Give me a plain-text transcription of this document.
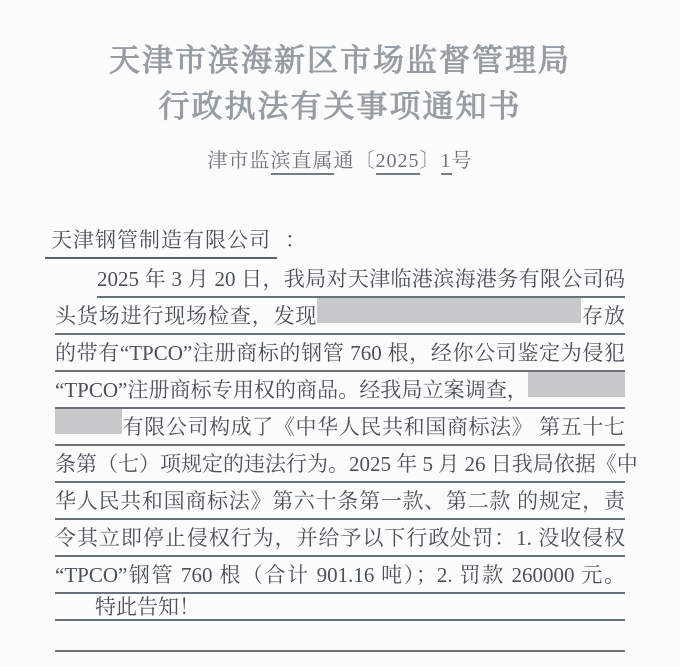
天津市滨海新区市场监督管理局
行政执法有关事项通知书
津市监滨直属通〔2025〕1号
天津钢管制造有限公司 ：
2025 年 3 月 20 日，我局对天津临港滨海港务有限公司码
头货场进行现场检查，发现	存放
的带有“TPCO”注册商标的钢管 760 根，经你公司鉴定为侵犯
“TPCO”注册商标专用权的商品。经我局立案调查，
有限公司构成了《中华人民共和国商标法》 第五十七
条第（七）项规定的违法行为。2025 年 5 月 26 日我局依据《中
华人民共和国商标法》第六十条第一款、第二款 的规定，责
令其立即停止侵权行为，并给予以下行政处罚：1. 没收侵权
“TPCO”钢管 760 根（合计 901.16 吨）；2. 罚款 260000 元。
特此告知！
